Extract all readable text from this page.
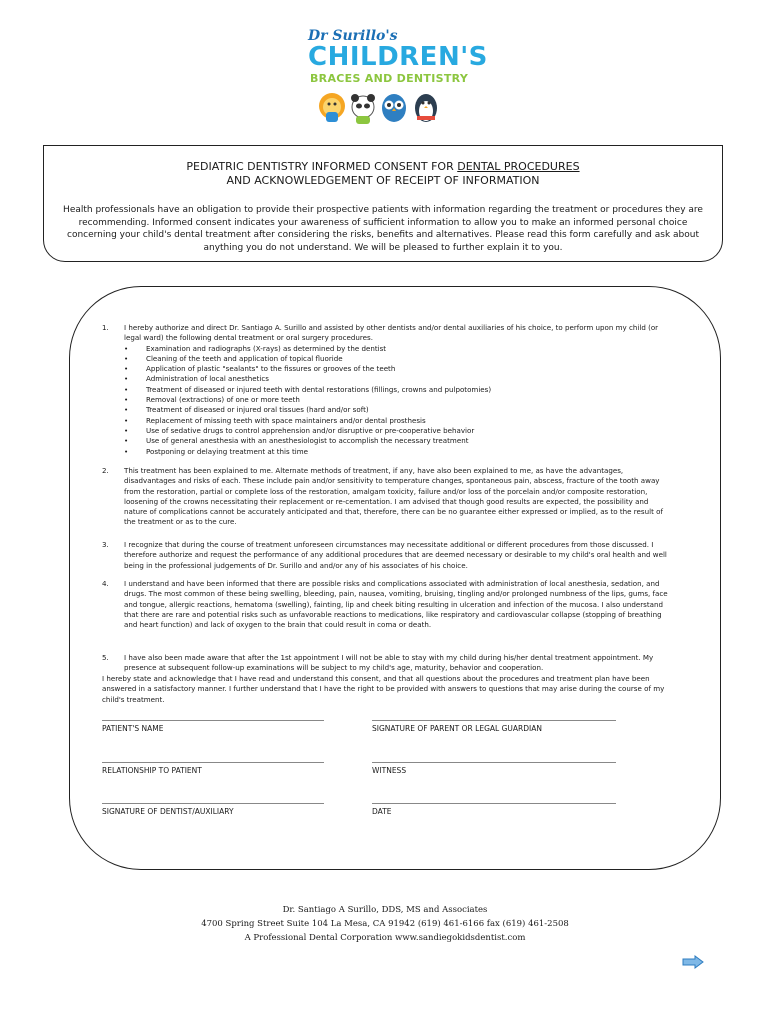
Dr Surillo's
CHILDREN'S
BRACES AND DENTISTRY
PEDIATRIC DENTISTRY INFORMED CONSENT FOR DENTAL PROCEDURES
AND ACKNOWLEDGEMENT OF RECEIPT OF INFORMATION
Health professionals have an obligation to provide their prospective patients with information regarding the treatment or procedures they are recommending. Informed consent indicates your awareness of sufficient information to allow you to make an informed personal choice concerning your child's dental treatment after considering the risks, benefits and alternatives. Please read this form carefully and ask about anything you do not understand. We will be pleased to further explain it to you.
1. I hereby authorize and direct Dr. Santiago A. Surillo and assisted by other dentists and/or dental auxiliaries of his choice, to perform upon my child (or legal ward) the following dental treatment or oral surgery procedures.
• Examination and radiographs (X-rays) as determined by the dentist
• Cleaning of the teeth and application of topical fluoride
• Application of plastic "sealants" to the fissures or grooves of the teeth
• Administration of local anesthetics
• Treatment of diseased or injured teeth with dental restorations (fillings, crowns and pulpotomies)
• Removal (extractions) of one or more teeth
• Treatment of diseased or injured oral tissues (hard and/or soft)
• Replacement of missing teeth with space maintainers and/or dental prosthesis
• Use of sedative drugs to control apprehension and/or disruptive or pre-cooperative behavior
• Use of general anesthesia with an anesthesiologist to accomplish the necessary treatment
• Postponing or delaying treatment at this time
2. This treatment has been explained to me. Alternate methods of treatment, if any, have also been explained to me, as have the advantages, disadvantages and risks of each. These include pain and/or sensitivity to temperature changes, spontaneous pain, abscess, fracture of the tooth away from the restoration, partial or complete loss of the restoration, amalgam toxicity, failure and/or loss of the porcelain and/or composite restoration, loosening of the crowns necessitating their replacement or re-cementation. I am advised that though good results are expected, the possibility and nature of complications cannot be accurately anticipated and that, therefore, there can be no guarantee either expressed or implied, as to the result of the treatment or as to the cure.
3. I recognize that during the course of treatment unforeseen circumstances may necessitate additional or different procedures from those discussed. I therefore authorize and request the performance of any additional procedures that are deemed necessary or desirable to my child's oral health and well being in the professional judgements of Dr. Surillo and and/or any of his associates of his choice.
4. I understand and have been informed that there are possible risks and complications associated with administration of local anesthesia, sedation, and drugs. The most common of these being swelling, bleeding, pain, nausea, vomiting, bruising, tingling and/or prolonged numbness of the lips, gums, face and tongue, allergic reactions, hematoma (swelling), fainting, lip and cheek biting resulting in ulceration and infection of the mucosa. I also understand that there are rare and potential risks such as unfavorable reactions to medications, like respiratory and cardiovascular collapse (stopping of breathing and heart function) and lack of oxygen to the brain that could result in coma or death.
5. I have also been made aware that after the 1st appointment I will not be able to stay with my child during his/her dental treatment appointment. My presence at subsequent follow-up examinations will be subject to my child's age, maturity, behavior and cooperation.
I hereby state and acknowledge that I have read and understand this consent, and that all questions about the procedures and treatment plan have been answered in a satisfactory manner. I further understand that I have the right to be provided with answers to questions that may arise during the course of my child's treatment.
PATIENT'S NAME	SIGNATURE OF PARENT OR LEGAL GUARDIAN
RELATIONSHIP TO PATIENT	WITNESS
SIGNATURE OF DENTIST/AUXILIARY	DATE
Dr. Santiago A Surillo, DDS, MS and Associates
4700 Spring Street Suite 104 La Mesa, CA 91942 (619) 461-6166 fax (619) 461-2508
A Professional Dental Corporation www.sandiegokidsdentist.com
